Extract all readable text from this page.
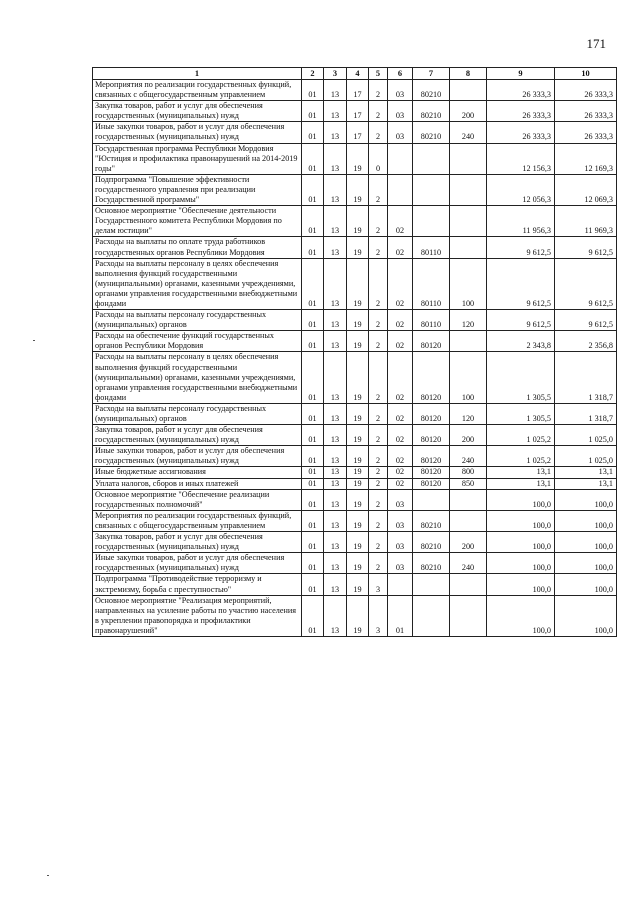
171
1	2	3	4	5	6	7	8	9	10
Мероприятия по реализации государственных функций, связанных с общегосударственным управлением	01	13	17	2	03	80210		26 333,3	26 333,3
Закупка товаров, работ и услуг для обеспечения государственных (муниципальных) нужд	01	13	17	2	03	80210	200	26 333,3	26 333,3
Иные закупки товаров, работ и услуг для обеспечения государственных (муниципальных) нужд	01	13	17	2	03	80210	240	26 333,3	26 333,3
Государственная программа Республики Мордовия "Юстиция и профилактика правонарушений на 2014-2019 годы"	01	13	19	0				12 156,3	12 169,3
Подпрограмма "Повышение эффективности государственного управления при реализации Государственной программы"	01	13	19	2				12 056,3	12 069,3
Основное мероприятие "Обеспечение деятельности Государственного комитета Республики Мордовия по делам юстиции"	01	13	19	2	02			11 956,3	11 969,3
Расходы на выплаты по оплате труда работников государственных органов Республики Мордовия	01	13	19	2	02	80110		9 612,5	9 612,5
Расходы на выплаты персоналу в целях обеспечения выполнения функций государственными (муниципальными) органами, казенными учреждениями, органами управления государственными внебюджетными фондами	01	13	19	2	02	80110	100	9 612,5	9 612,5
Расходы на выплаты персоналу государственных (муниципальных) органов	01	13	19	2	02	80110	120	9 612,5	9 612,5
Расходы на обеспечение функций государственных органов Республики Мордовия	01	13	19	2	02	80120		2 343,8	2 356,8
Расходы на выплаты персоналу в целях обеспечения выполнения функций государственными (муниципальными) органами, казенными учреждениями, органами управления государственными внебюджетными фондами	01	13	19	2	02	80120	100	1 305,5	1 318,7
Расходы на выплаты персоналу государственных (муниципальных) органов	01	13	19	2	02	80120	120	1 305,5	1 318,7
Закупка товаров, работ и услуг для обеспечения государственных (муниципальных) нужд	01	13	19	2	02	80120	200	1 025,2	1 025,0
Иные закупки товаров, работ и услуг для обеспечения государственных (муниципальных) нужд	01	13	19	2	02	80120	240	1 025,2	1 025,0
Иные бюджетные ассигнования	01	13	19	2	02	80120	800	13,1	13,1
Уплата налогов, сборов и иных платежей	01	13	19	2	02	80120	850	13,1	13,1
Основное мероприятие "Обеспечение реализации государственных полномочий"	01	13	19	2	03			100,0	100,0
Мероприятия по реализации государственных функций, связанных с общегосударственным управлением	01	13	19	2	03	80210		100,0	100,0
Закупка товаров, работ и услуг для обеспечения государственных (муниципальных) нужд	01	13	19	2	03	80210	200	100,0	100,0
Иные закупки товаров, работ и услуг для обеспечения государственных (муниципальных) нужд	01	13	19	2	03	80210	240	100,0	100,0
Подпрограмма "Противодействие терроризму и экстремизму, борьба с преступностью"	01	13	19	3				100,0	100,0
Основное мероприятие "Реализация мероприятий, направленных на усиление работы по участию населения в укреплении правопорядка и профилактики правонарушений"	01	13	19	3	01			100,0	100,0
